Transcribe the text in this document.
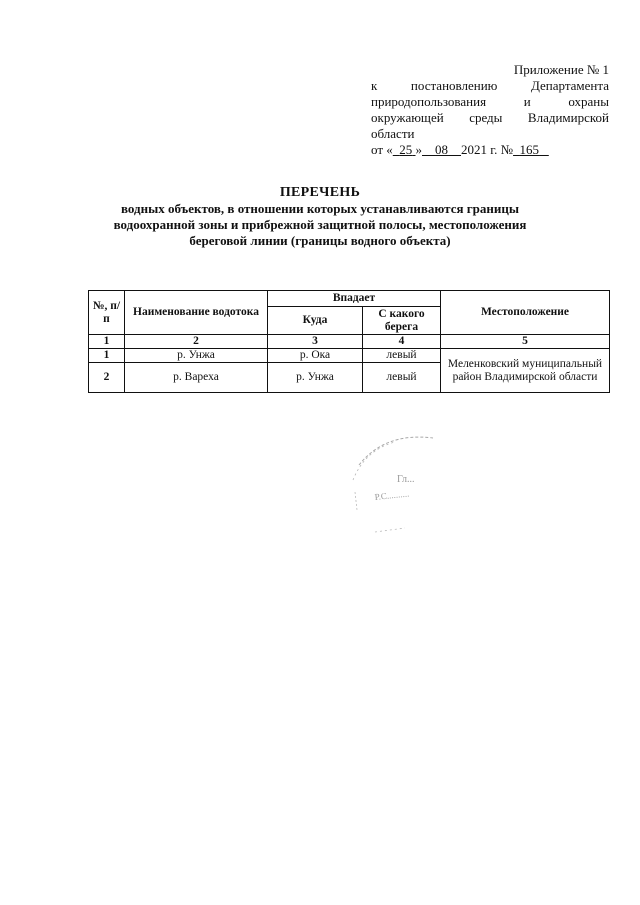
Приложение № 1
к постановлению Департамента
природопользования и охраны
окружающей среды Владимирской
области
от « 25 » 08 2021 г. № 165
ПЕРЕЧЕНЬ
водных объектов, в отношении которых устанавливаются границы
водоохранной зоны и прибрежной защитной полосы, местоположения
береговой линии (границы водного объекта)
№, п/п	Наименование водотока	Впадает		Местоположение
		Куда	С какого берега	
1	2	3	4	5
1	р. Унжа	р. Ока	левый	Меленковский муниципальный район Владимирской области
2	р. Вареха	р. Унжа	левый	
Гл...
Р.С..........
